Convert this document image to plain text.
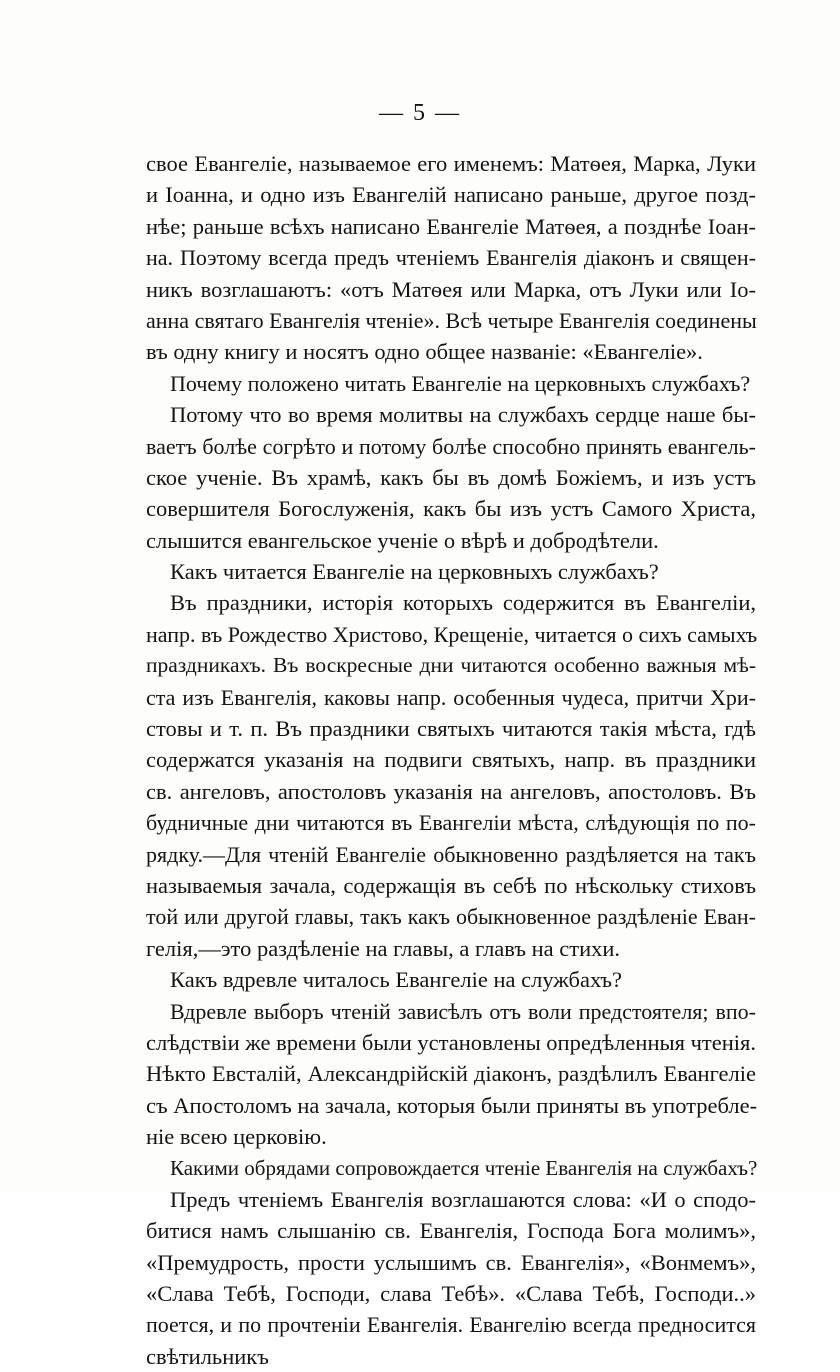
— 5 —
свое Евангеліе, называемое его именемъ: Матѳея, Марка, Луки
и Іоанна, и одно изъ Евангелій написано раньше, другое позд-
нѣе; раньше всѣхъ написано Евангеліе Матѳея, а позднѣе Іоан-
на. Поэтому всегда предъ чтеніемъ Евангелія діаконъ и священ-
никъ возглашаютъ: «отъ Матѳея или Марка, отъ Луки или Іо-
анна святаго Евангелія чтеніе». Всѣ четыре Евангелія соединены
въ одну книгу и носятъ одно общее названіе: «Евангеліе».
Почему положено читать Евангеліе на церковныхъ службахъ?
Потому что во время молитвы на службахъ сердце наше бы-
ваетъ болѣе согрѣто и потому болѣе способно принять евангель-
ское ученіе. Въ храмѣ, какъ бы въ домѣ Божіемъ, и изъ устъ
совершителя Богослуженія, какъ бы изъ устъ Самого Христа,
слышится евангельское ученіе о вѣрѣ и добродѣтели.
Какъ читается Евангеліе на церковныхъ службахъ?
Въ праздники, исторія которыхъ содержится въ Евангеліи,
напр. въ Рождество Христово, Крещеніе, читается о сихъ самыхъ
праздникахъ. Въ воскресные дни читаются особенно важныя мѣ-
ста изъ Евангелія, каковы напр. особенныя чудеса, притчи Хри-
стовы и т. п. Въ праздники святыхъ читаются такія мѣста, гдѣ
содержатся указанія на подвиги святыхъ, напр. въ праздники
св. ангеловъ, апостоловъ указанія на ангеловъ, апостоловъ. Въ
будничные дни читаются въ Евангеліи мѣста, слѣдующія по по-
рядку.—Для чтеній Евангеліе обыкновенно раздѣляется на такъ
называемыя зачала, содержащія въ себѣ по нѣскольку стиховъ
той или другой главы, такъ какъ обыкновенное раздѣленіе Еван-
гелія,—это раздѣленіе на главы, а главъ на стихи.
Какъ вдревле читалось Евангеліе на службахъ?
Вдревле выборъ чтеній зависѣлъ отъ воли предстоятеля; впо-
слѣдствіи же времени были установлены опредѣленныя чтенія.
Нѣкто Евсталій, Александрійскій діаконъ, раздѣлилъ Евангеліе
съ Апостоломъ на зачала, которыя были приняты въ употребле-
ніе всею церковію.
Какими обрядами сопровождается чтеніе Евангелія на службахъ?
Предъ чтеніемъ Евангелія возглашаются слова: «И о сподо-
битися намъ слышанію св. Евангелія, Господа Бога молимъ»,
«Премудрость, прости услышимъ св. Евангелія», «Вонмемъ»,
«Слава Тебѣ, Господи, слава Тебѣ». «Слава Тебѣ, Господи..»
поется, и по прочтеніи Евангелія. Евангелію всегда предносится
свѣтильникъ
